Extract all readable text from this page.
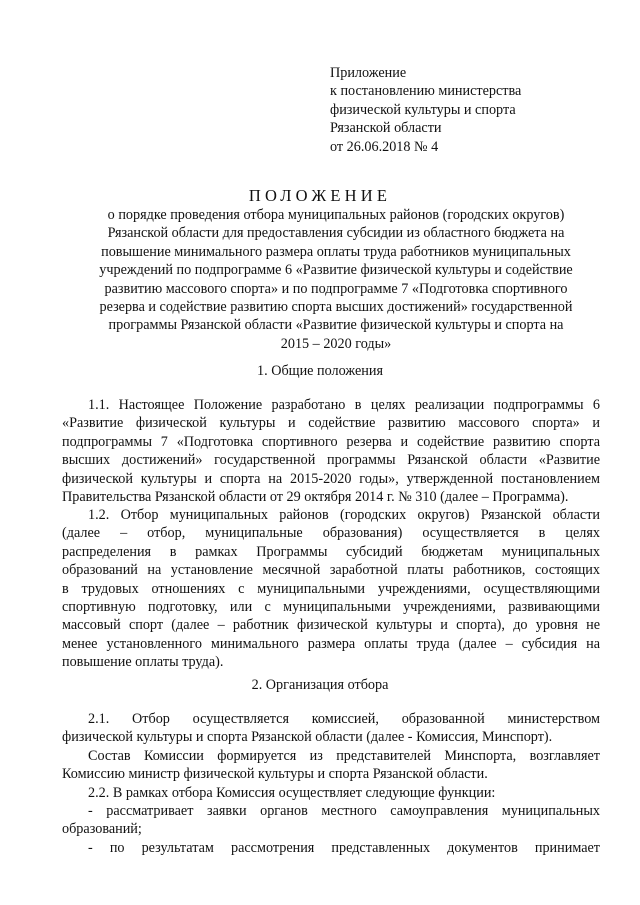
Приложение
к постановлению министерства
физической культуры и спорта
Рязанской области
от 26.06.2018 № 4
ПОЛОЖЕНИЕ
о порядке проведения отбора муниципальных районов (городских округов)
Рязанской области для предоставления субсидии из областного бюджета на
повышение минимального размера оплаты труда работников муниципальных
учреждений по подпрограмме 6 «Развитие физической культуры и содействие
развитию массового спорта» и по подпрограмме 7 «Подготовка спортивного
резерва и содействие развитию спорта высших достижений» государственной
программы Рязанской области «Развитие физической культуры и спорта на
2015 – 2020 годы»
1. Общие положения
1.1. Настоящее Положение разработано в целях реализации подпрограммы 6
«Развитие физической культуры и содействие развитию массового спорта» и
подпрограммы 7 «Подготовка спортивного резерва и содействие развитию спорта
высших достижений» государственной программы Рязанской области «Развитие
физической культуры и спорта на 2015-2020 годы», утвержденной постановлением
Правительства Рязанской области от 29 октября 2014 г. № 310 (далее – Программа).
1.2. Отбор муниципальных районов (городских округов) Рязанской области
(далее – отбор, муниципальные образования) осуществляется в целях
распределения в рамках Программы субсидий бюджетам муниципальных
образований на установление месячной заработной платы работников, состоящих
в трудовых отношениях с муниципальными учреждениями, осуществляющими
спортивную подготовку, или с муниципальными учреждениями, развивающими
массовый спорт (далее – работник физической культуры и спорта), до уровня не
менее установленного минимального размера оплаты труда (далее – субсидия на
повышение оплаты труда).
2. Организация отбора
2.1. Отбор осуществляется комиссией, образованной министерством
физической культуры и спорта Рязанской области (далее - Комиссия, Минспорт).
Состав Комиссии формируется из представителей Минспорта, возглавляет
Комиссию министр физической культуры и спорта Рязанской области.
2.2. В рамках отбора Комиссия осуществляет следующие функции:
- рассматривает заявки органов местного самоуправления муниципальных
образований;
- по результатам рассмотрения представленных документов принимает
